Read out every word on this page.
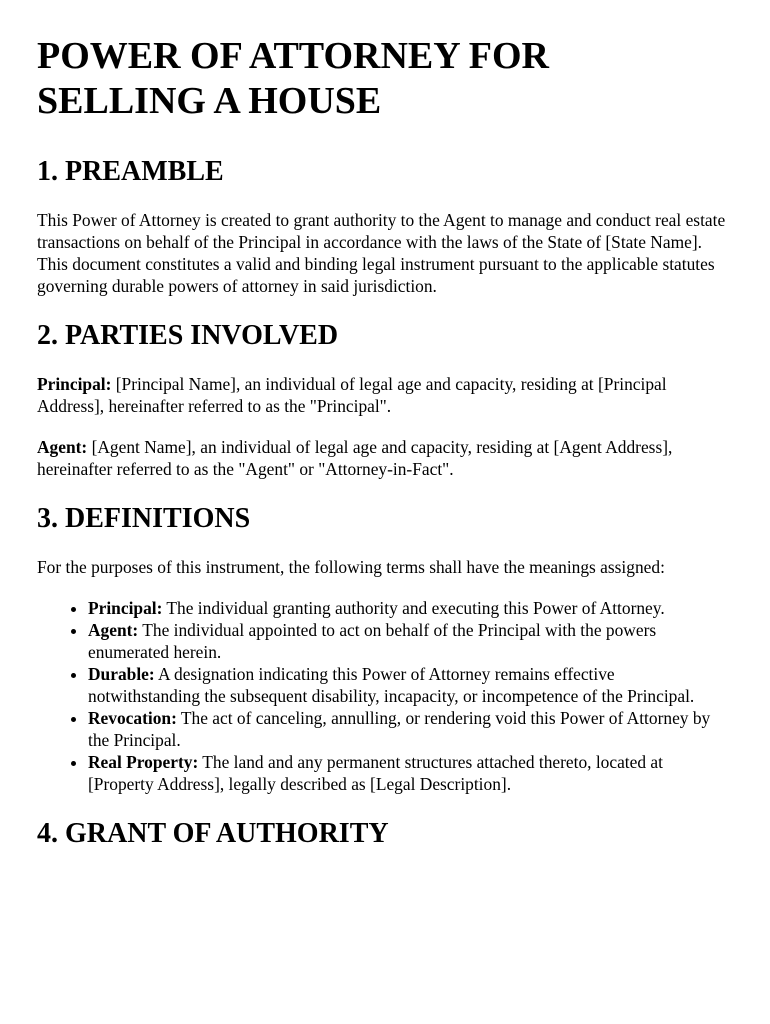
POWER OF ATTORNEY FOR SELLING A HOUSE
1. PREAMBLE

This Power of Attorney is created to grant authority to the Agent to manage and conduct real estate transactions on behalf of the Principal in accordance with the laws of the State of [State Name]. This document constitutes a valid and binding legal instrument pursuant to the applicable statutes governing durable powers of attorney in said jurisdiction.

2. PARTIES INVOLVED

Principal: [Principal Name], an individual of legal age and capacity, residing at [Principal Address], hereinafter referred to as the "Principal".

Agent: [Agent Name], an individual of legal age and capacity, residing at [Agent Address], hereinafter referred to as the "Agent" or "Attorney-in-Fact".

3. DEFINITIONS

For the purposes of this instrument, the following terms shall have the meanings assigned:

• Principal: The individual granting authority and executing this Power of Attorney.
• Agent: The individual appointed to act on behalf of the Principal with the powers enumerated herein.
• Durable: A designation indicating this Power of Attorney remains effective notwithstanding the subsequent disability, incapacity, or incompetence of the Principal.
• Revocation: The act of canceling, annulling, or rendering void this Power of Attorney by the Principal.
• Real Property: The land and any permanent structures attached thereto, located at [Property Address], legally described as [Legal Description].
4. GRANT OF AUTHORITY
